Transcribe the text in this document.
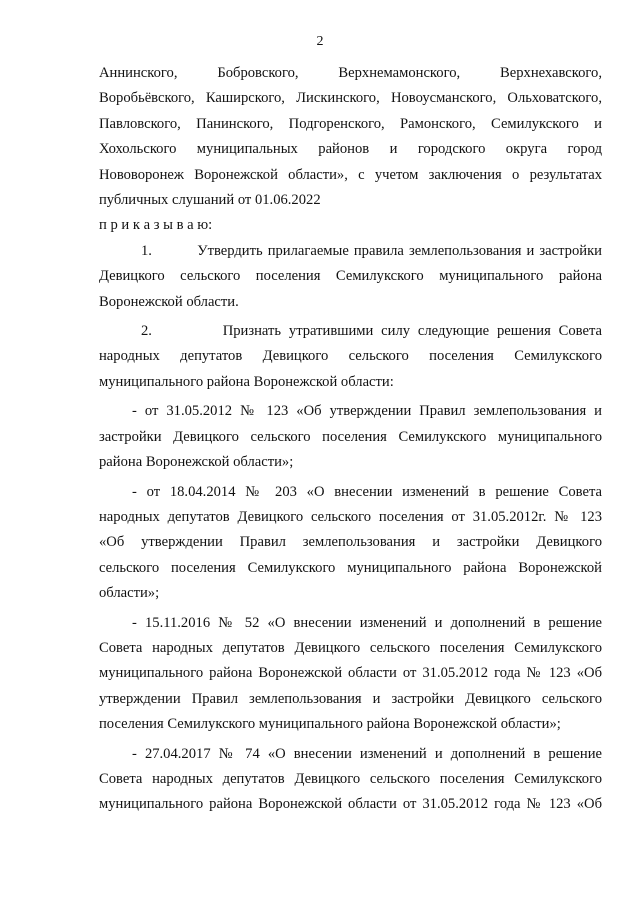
2

Аннинского, Бобровского, Верхнемамонского, Верхнехавского,

Воробьёвского, Каширского, Лискинского, Новоусманского, Ольховатского,

Павловского, Панинского, Подгоренского, Рамонского, Семилукского и

Хохольского муниципальных районов и городского округа город

Нововоронеж Воронежской области», с учетом заключения о результатах

публичных слушаний от 01.06.2022

п р и к а з ы в а ю:

1.         Утвердить прилагаемые правила землепользования и застройки

Девицкого сельского поселения Семилукского муниципального района

Воронежской области.

2.         Признать утратившими силу следующие решения Совета

народных депутатов Девицкого сельского поселения Семилукского

муниципального района Воронежской области:

- от 31.05.2012 № 123 «Об утверждении Правил землепользования и

застройки Девицкого сельского поселения Семилукского муниципального

района Воронежской области»;

- от 18.04.2014 № 203 «О внесении изменений в решение Совета

народных депутатов Девицкого сельского поселения от 31.05.2012г. № 123

«Об утверждении Правил землепользования и застройки Девицкого

сельского поселения Семилукского муниципального района Воронежской

области»;

- 15.11.2016 № 52 «О внесении изменений и дополнений в решение

Совета народных депутатов Девицкого сельского поселения Семилукского

муниципального района Воронежской области от 31.05.2012 года № 123 «Об

утверждении Правил землепользования и застройки Девицкого сельского

поселения Семилукского муниципального района Воронежской области»;

- 27.04.2017 № 74 «О внесении изменений и дополнений в решение

Совета народных депутатов Девицкого сельского поселения Семилукского

муниципального района Воронежской области от 31.05.2012 года № 123 «Об
